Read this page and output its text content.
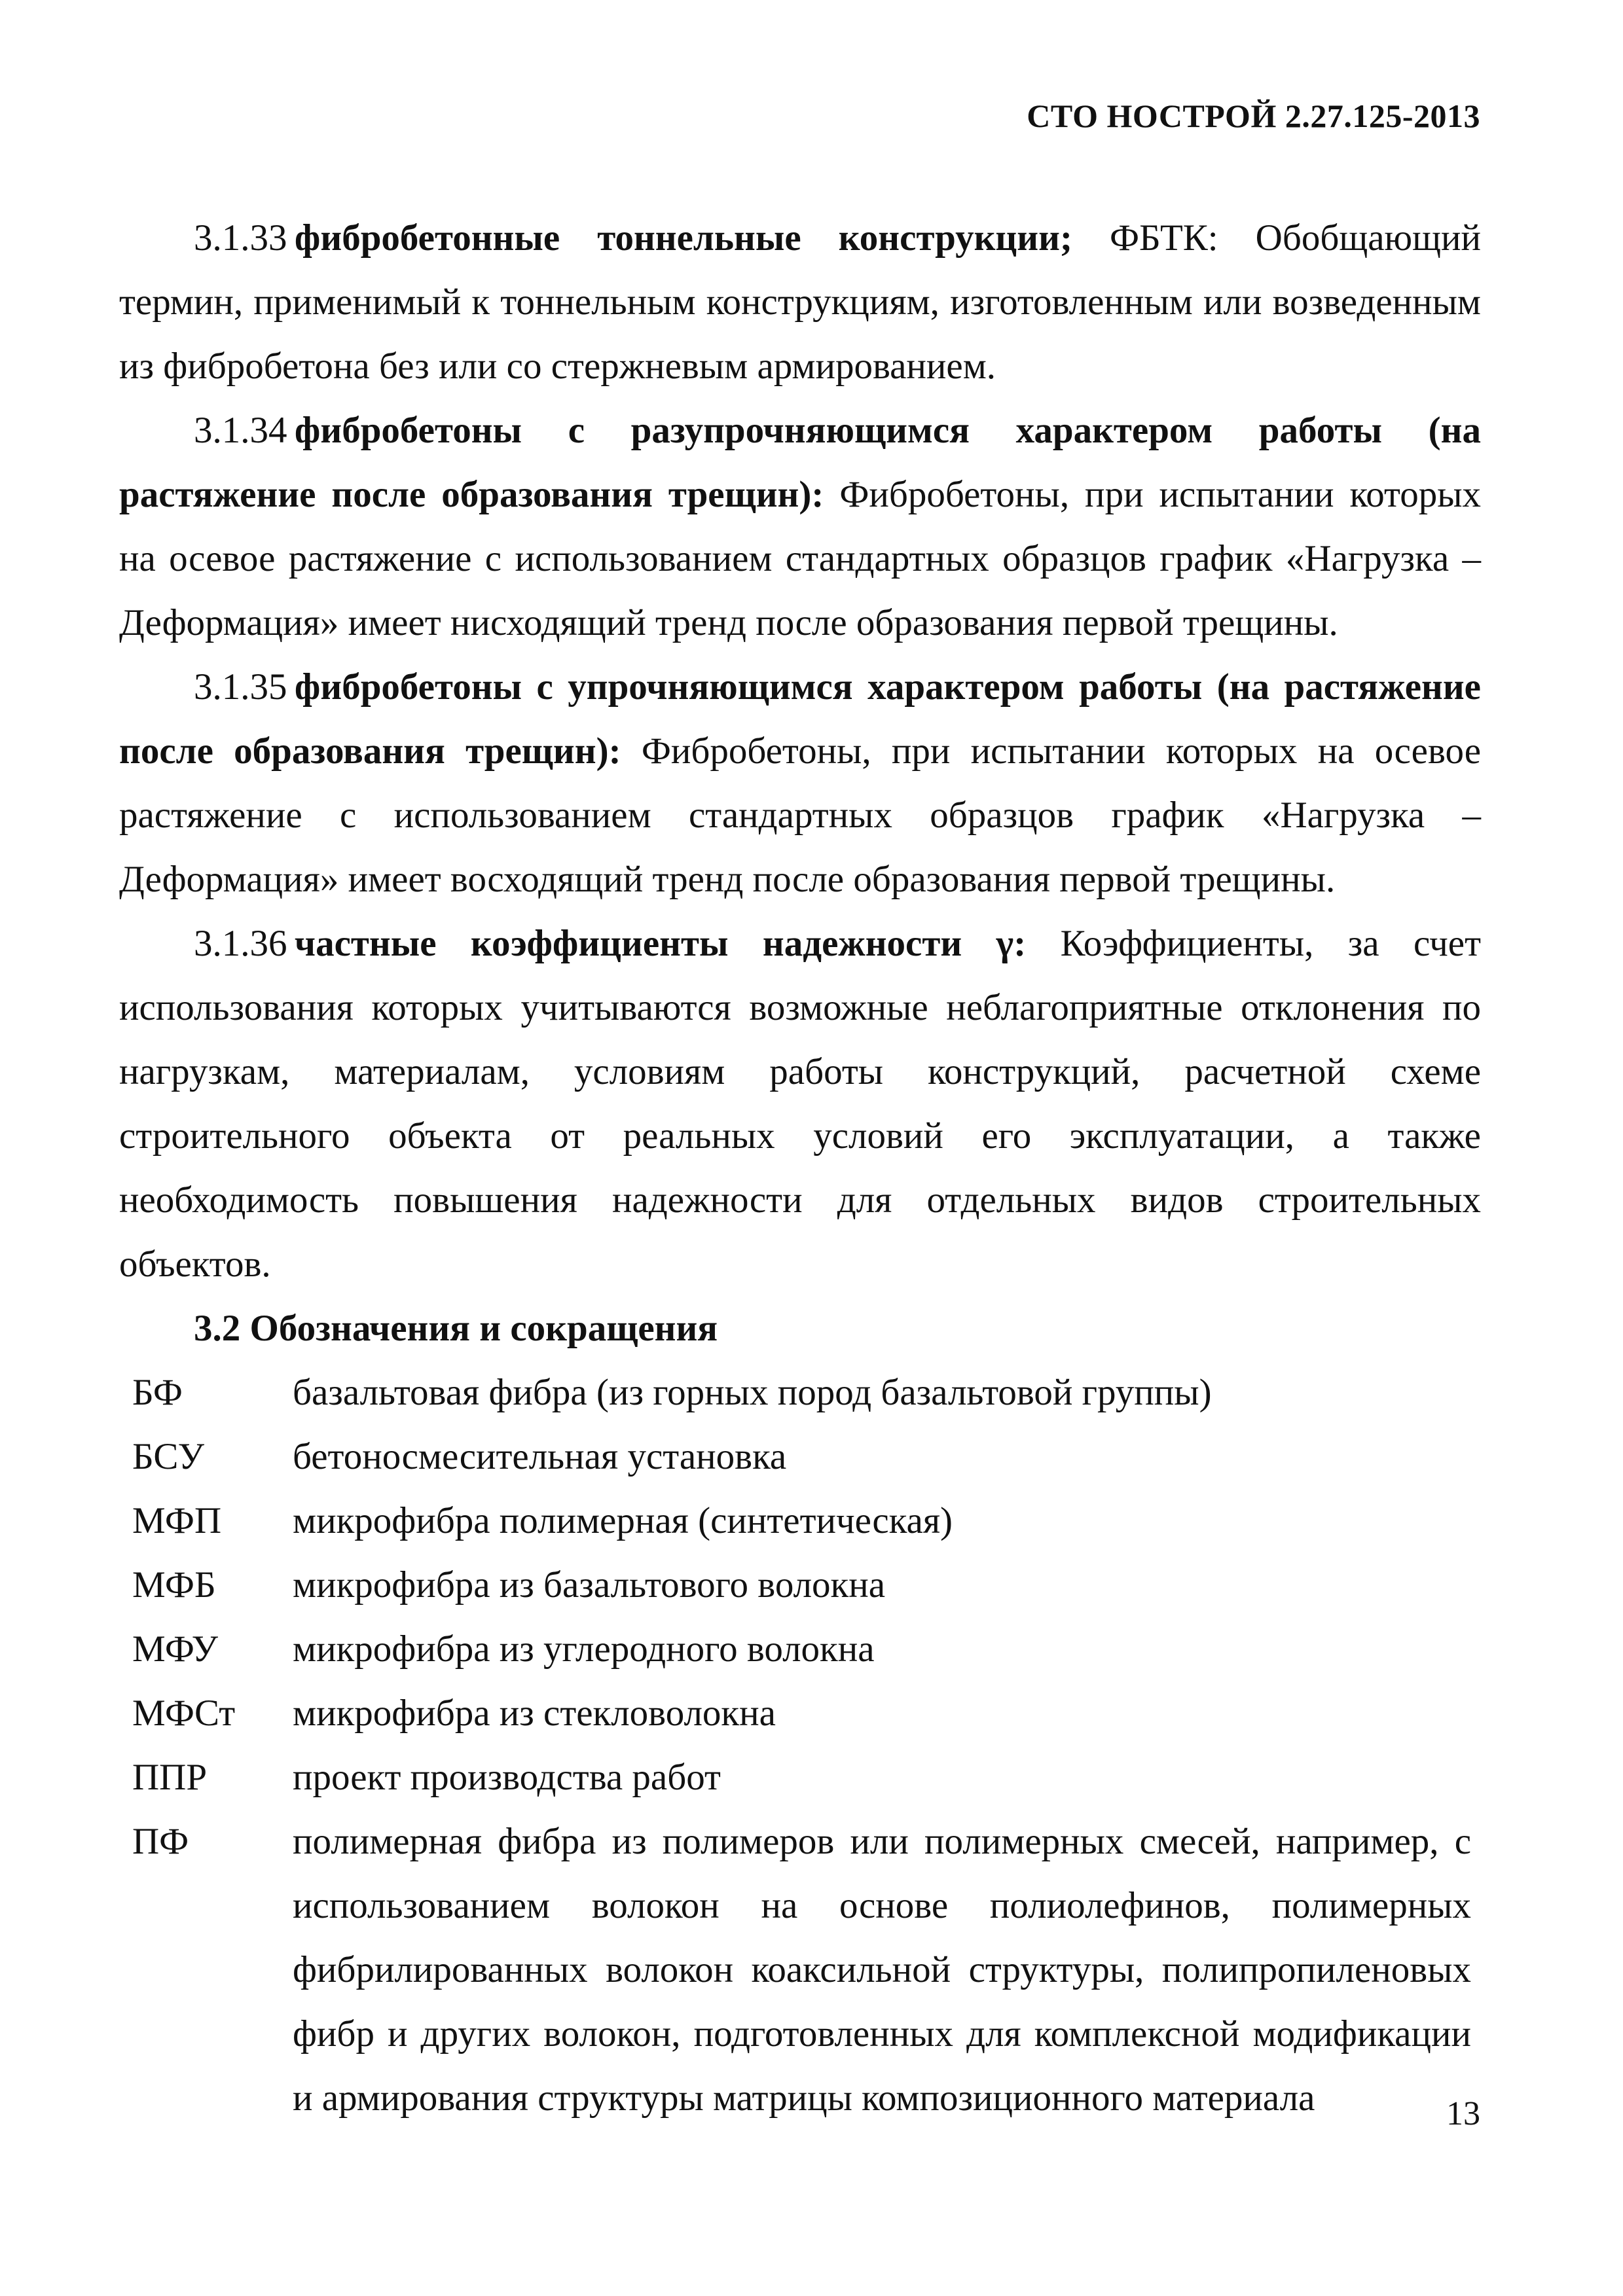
СТО НОСТРОЙ 2.27.125-2013

3.1.33  фибробетонные тоннельные конструкции; ФБТК: Обобщающий термин, применимый к тоннельным конструкциям, изготовленным или возведенным из фибробетона без или со стержневым армированием.

3.1.34  фибробетоны с разупрочняющимся характером работы (на растяжение после образования трещин): Фибробетоны, при испытании которых на осевое растяжение с использованием стандартных образцов график «Нагрузка – Деформация» имеет нисходящий тренд после образования первой трещины.

3.1.35  фибробетоны с упрочняющимся характером работы (на растяжение после образования трещин): Фибробетоны, при испытании которых на осевое растяжение с использованием стандартных образцов график «Нагрузка – Деформация» имеет восходящий тренд после образования первой трещины.

3.1.36  частные коэффициенты надежности γ: Коэффициенты, за счет использования которых учитываются возможные неблагоприятные отклонения по нагрузкам, материалам, условиям работы конструкций, расчетной схеме строительного объекта от реальных условий его эксплуатации, а также необходимость повышения надежности для отдельных видов строительных объектов.

3.2 Обозначения и сокращения

БФ	базальтовая фибра (из горных пород базальтовой группы)
БСУ	бетоносмесительная установка
МФП	микрофибра полимерная (синтетическая)
МФБ	микрофибра из базальтового волокна
МФУ	микрофибра из углеродного волокна
МФСт	микрофибра из стекловолокна
ППР	проект производства работ
ПФ	полимерная фибра из полимеров или полимерных смесей, например, с использованием волокон на основе полиолефинов, полимерных фибрилированных волокон коаксильной структуры, полипропиленовых фибр и других волокон, подготовленных для комплексной модификации и армирования структуры матрицы композиционного материала	13
